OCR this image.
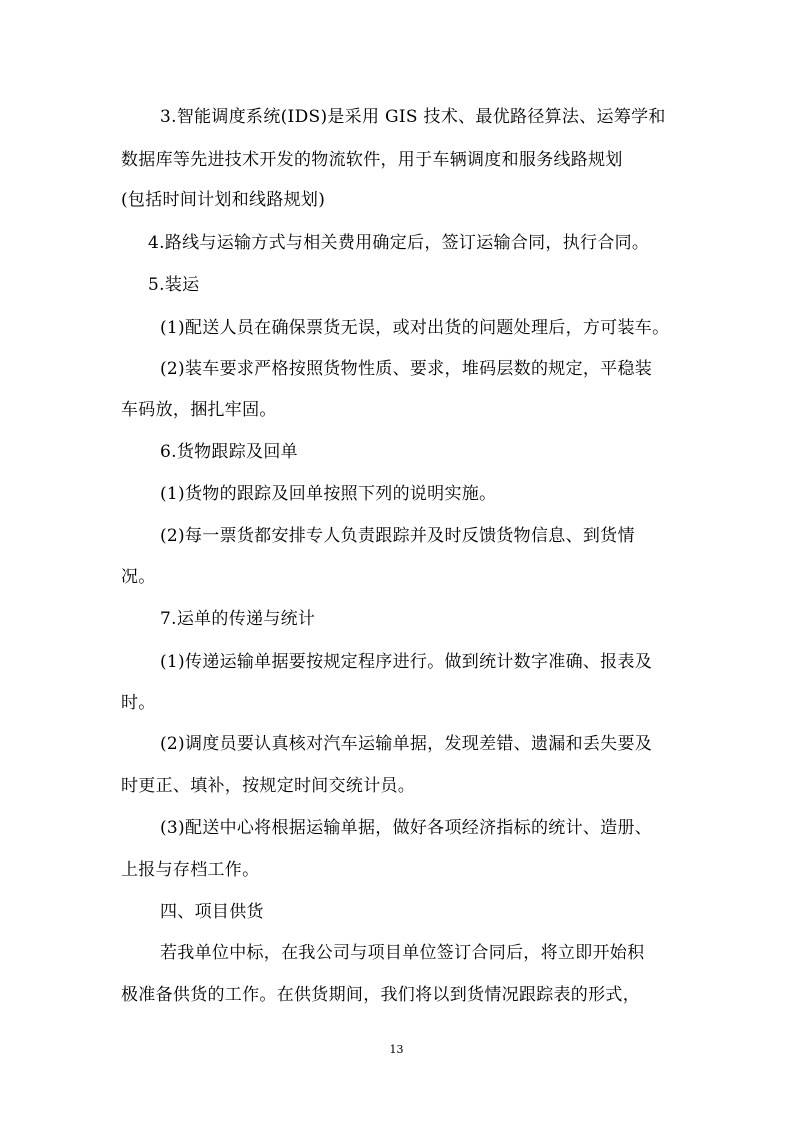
3.智能调度系统(IDS)是采用 GIS 技术、最优路径算法、运筹学和
数据库等先进技术开发的物流软件，用于车辆调度和服务线路规划
(包括时间计划和线路规划)
4.路线与运输方式与相关费用确定后，签订运输合同，执行合同。
5.装运
(1)配送人员在确保票货无误，或对出货的问题处理后，方可装车。
(2)装车要求严格按照货物性质、要求，堆码层数的规定，平稳装
车码放，捆扎牢固。
6.货物跟踪及回单
(1)货物的跟踪及回单按照下列的说明实施。
(2)每一票货都安排专人负责跟踪并及时反馈货物信息、到货情
况。
7.运单的传递与统计
(1)传递运输单据要按规定程序进行。做到统计数字准确、报表及
时。
(2)调度员要认真核对汽车运输单据，发现差错、遗漏和丢失要及
时更正、填补，按规定时间交统计员。
(3)配送中心将根据运输单据，做好各项经济指标的统计、造册、
上报与存档工作。
四、项目供货
若我单位中标，在我公司与项目单位签订合同后，将立即开始积
极准备供货的工作。在供货期间，我们将以到货情况跟踪表的形式，
13
